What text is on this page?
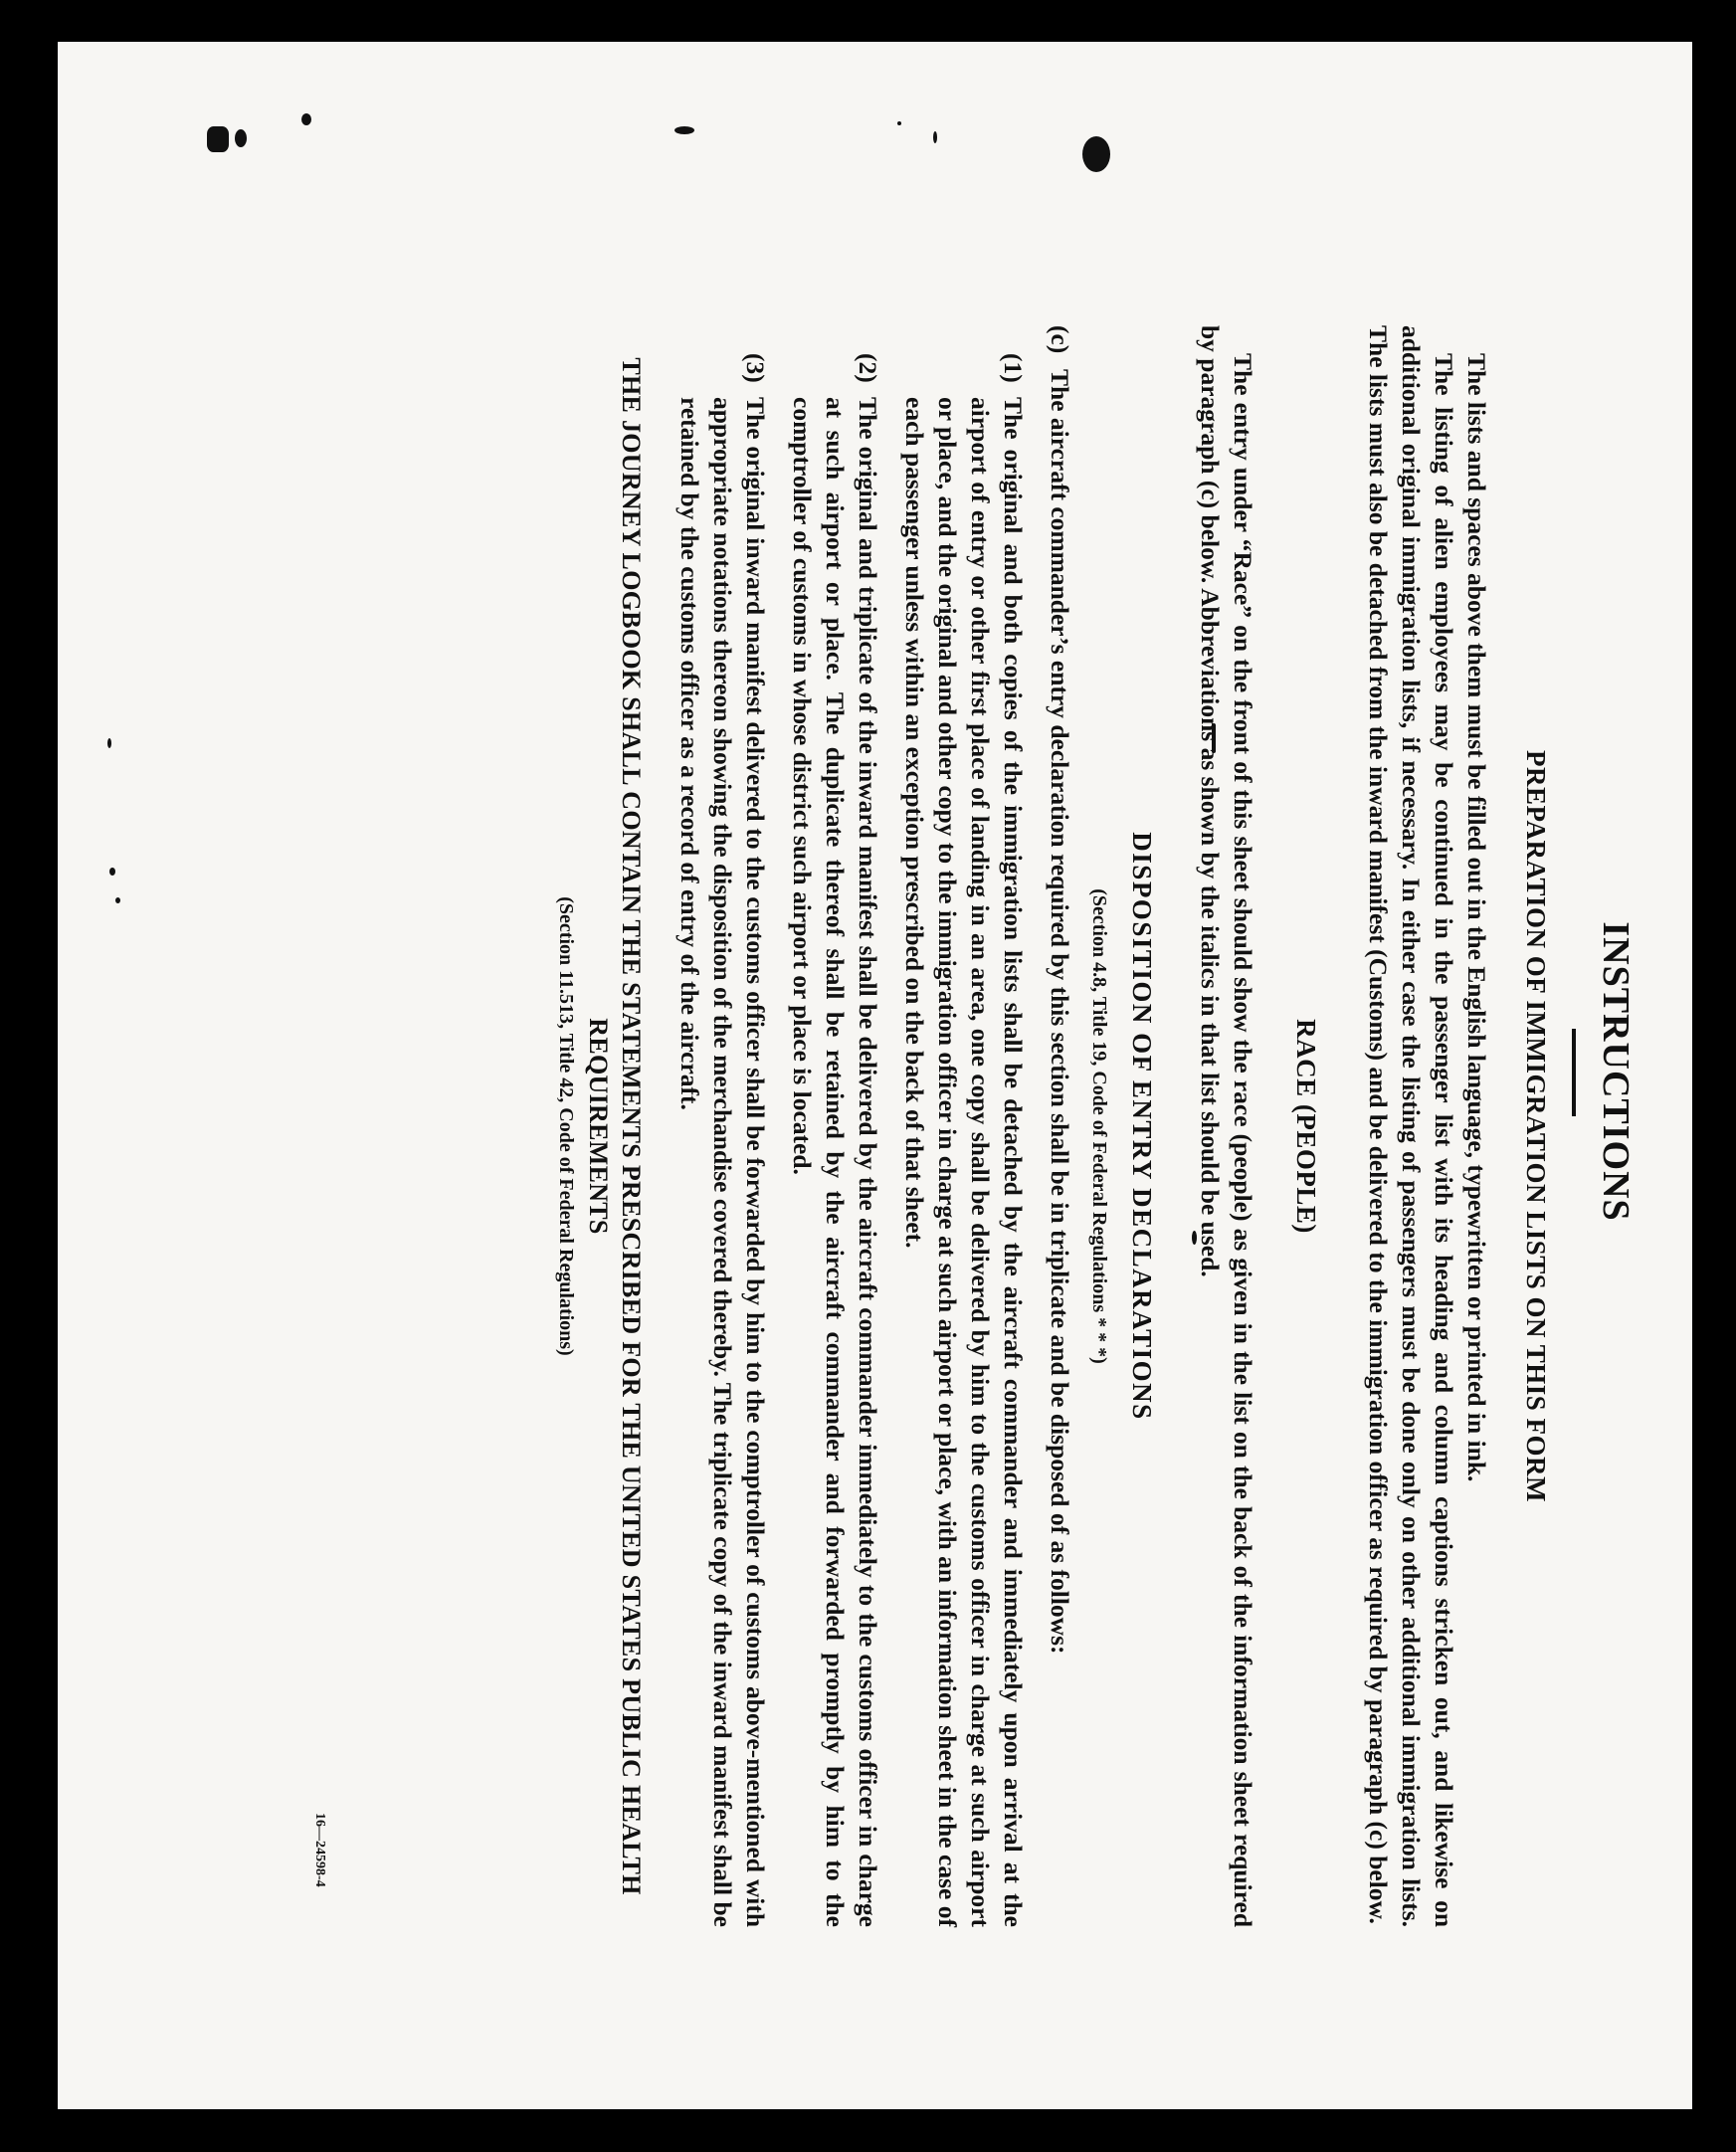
INSTRUCTIONS
PREPARATION OF IMMIGRATION LISTS ON THIS FORM

The lists and spaces above them must be filled out in the English language, typewritten or printed in ink.

The listing of alien employees may be continued in the passenger list with its heading and column captions stricken out, and likewise on additional original immigration lists, if necessary. In either case the listing of passengers must be done only on other additional immigration lists. The lists must also be detached from the inward manifest (Customs) and be delivered to the immigration officer as required by paragraph (c) below.

RACE (PEOPLE)

The entry under “Race” on the front of this sheet should show the race (people) as given in the list on the back of the information sheet required by paragraph (c) below. Abbreviations as shown by the italics in that list should be used.

DISPOSITION OF ENTRY DECLARATIONS
(Section 4.8, Title 19, Code of Federal Regulations * * *)
(c)
The aircraft commander’s entry declaration required by this section shall be in triplicate and be disposed of as follows:
(1)
The original and both copies of the immigration lists shall be detached by the aircraft commander and immediately upon arrival at the airport of entry or other first place of landing in an area, one copy shall be delivered by him to the customs officer in charge at such airport or place, and the original and other copy to the immigration officer in charge at such airport or place, with an information sheet in the case of each passenger unless within an exception prescribed on the back of that sheet.
(2)
The original and triplicate of the inward manifest shall be delivered by the aircraft commander immediately to the customs officer in charge at such airport or place. The duplicate thereof shall be retained by the aircraft commander and forwarded promptly by him to the comptroller of customs in whose district such airport or place is located.
(3)
The original inward manifest delivered to the customs officer shall be forwarded by him to the comptroller of customs above-mentioned with appropriate notations thereon showing the disposition of the merchandise covered thereby. The triplicate copy of the inward manifest shall be retained by the customs officer as a record of entry of the aircraft.
THE JOURNEY LOGBOOK SHALL CONTAIN THE STATEMENTS PRESCRIBED FOR THE UNITED STATES PUBLIC HEALTH REQUIREMENTS
(Section 11.513, Title 42, Code of Federal Regulations)
16—24598-4
